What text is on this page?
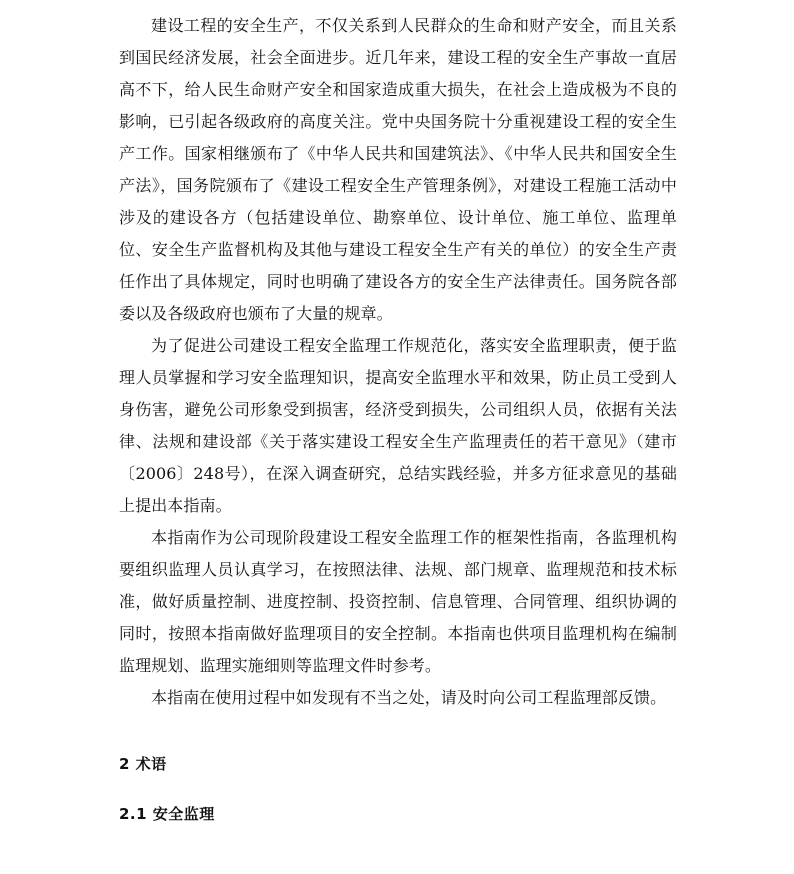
建设工程的安全生产，不仅关系到人民群众的生命和财产安全，而且关系到国民经济发展，社会全面进步。近几年来，建设工程的安全生产事故一直居高不下，给人民生命财产安全和国家造成重大损失，在社会上造成极为不良的影响，已引起各级政府的高度关注。党中央国务院十分重视建设工程的安全生产工作。国家相继颁布了《中华人民共和国建筑法》、《中华人民共和国安全生产法》，国务院颁布了《建设工程安全生产管理条例》，对建设工程施工活动中涉及的建设各方（包括建设单位、勘察单位、设计单位、施工单位、监理单位、安全生产监督机构及其他与建设工程安全生产有关的单位）的安全生产责任作出了具体规定，同时也明确了建设各方的安全生产法律责任。国务院各部委以及各级政府也颁布了大量的规章。

为了促进公司建设工程安全监理工作规范化，落实安全监理职责，便于监理人员掌握和学习安全监理知识，提高安全监理水平和效果，防止员工受到人身伤害，避免公司形象受到损害，经济受到损失，公司组织人员，依据有关法律、法规和建设部《关于落实建设工程安全生产监理责任的若干意见》（建市〔2006〕248号），在深入调查研究，总结实践经验，并多方征求意见的基础上提出本指南。

本指南作为公司现阶段建设工程安全监理工作的框架性指南，各监理机构要组织监理人员认真学习，在按照法律、法规、部门规章、监理规范和技术标准，做好质量控制、进度控制、投资控制、信息管理、合同管理、组织协调的同时，按照本指南做好监理项目的安全控制。本指南也供项目监理机构在编制监理规划、监理实施细则等监理文件时参考。

本指南在使用过程中如发现有不当之处，请及时向公司工程监理部反馈。

2 术语
2.1 安全监理
